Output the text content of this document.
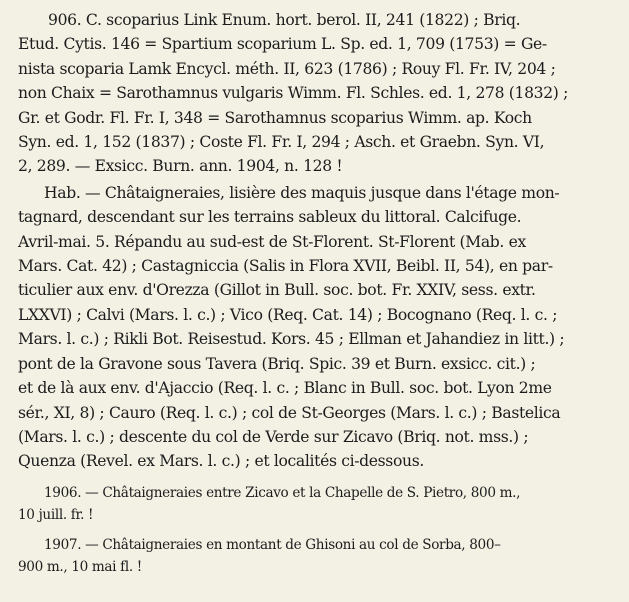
906. C. scoparius Link Enum. hort. berol. II, 241 (1822) ; Briq.
Etud. Cytis. 146 = Spartium scoparium L. Sp. ed. 1, 709 (1753) = Ge-
nista scoparia Lamk Encycl. méth. II, 623 (1786) ; Rouy Fl. Fr. IV, 204 ;
non Chaix = Sarothamnus vulgaris Wimm. Fl. Schles. ed. 1, 278 (1832) ;
Gr. et Godr. Fl. Fr. I, 348 = Sarothamnus scoparius Wimm. ap. Koch
Syn. ed. 1, 152 (1837) ; Coste Fl. Fr. I, 294 ; Asch. et Graebn. Syn. VI,
2, 289. — Exsicc. Burn. ann. 1904, n. 128 !
Hab. — Châtaigneraies, lisière des maquis jusque dans l'étage mon-
tagnard, descendant sur les terrains sableux du littoral. Calcifuge.
Avril-mai. 5. Répandu au sud-est de St-Florent. St-Florent (Mab. ex
Mars. Cat. 42) ; Castagniccia (Salis in Flora XVII, Beibl. II, 54), en par-
ticulier aux env. d'Orezza (Gillot in Bull. soc. bot. Fr. XXIV, sess. extr.
LXXVI) ; Calvi (Mars. l. c.) ; Vico (Req. Cat. 14) ; Bocognano (Req. l. c. ;
Mars. l. c.) ; Rikli Bot. Reisestud. Kors. 45 ; Ellman et Jahandiez in litt.) ;
pont de la Gravone sous Tavera (Briq. Spic. 39 et Burn. exsicc. cit.) ;
et de là aux env. d'Ajaccio (Req. l. c. ; Blanc in Bull. soc. bot. Lyon 2me
sér., XI, 8) ; Cauro (Req. l. c.) ; col de St-Georges (Mars. l. c.) ; Bastelica
(Mars. l. c.) ; descente du col de Verde sur Zicavo (Briq. not. mss.) ;
Quenza (Revel. ex Mars. l. c.) ; et localités ci-dessous.
1906. — Châtaigneraies entre Zicavo et la Chapelle de S. Pietro, 800 m.,
10 juill. fr. !
1907. — Châtaigneraies en montant de Ghisoni au col de Sorba, 800–
900 m., 10 mai fl. !
